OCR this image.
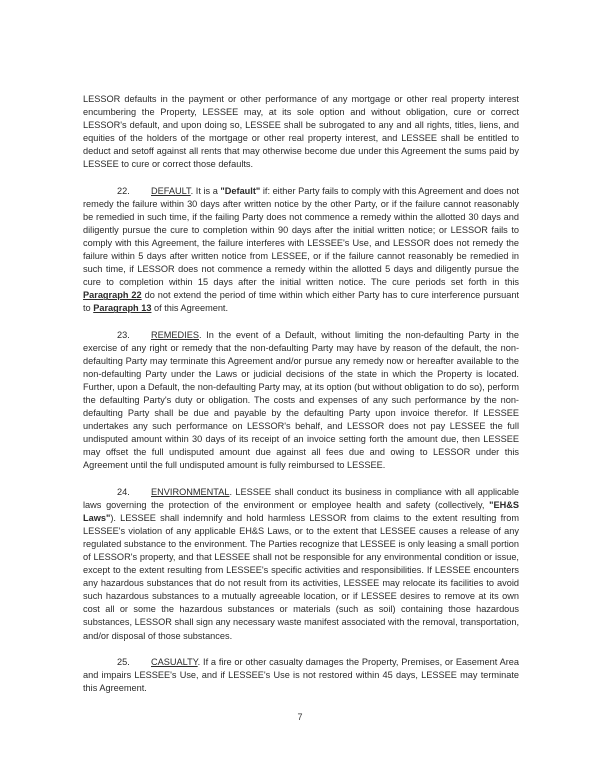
LESSOR defaults in the payment or other performance of any mortgage or other real property interest encumbering the Property, LESSEE may, at its sole option and without obligation, cure or correct LESSOR's default, and upon doing so, LESSEE shall be subrogated to any and all rights, titles, liens, and equities of the holders of the mortgage or other real property interest, and LESSEE shall be entitled to deduct and setoff against all rents that may otherwise become due under this Agreement the sums paid by LESSEE to cure or correct those defaults.

22. DEFAULT. It is a "Default" if: either Party fails to comply with this Agreement and does not remedy the failure within 30 days after written notice by the other Party, or if the failure cannot reasonably be remedied in such time, if the failing Party does not commence a remedy within the allotted 30 days and diligently pursue the cure to completion within 90 days after the initial written notice; or LESSOR fails to comply with this Agreement, the failure interferes with LESSEE's Use, and LESSOR does not remedy the failure within 5 days after written notice from LESSEE, or if the failure cannot reasonably be remedied in such time, if LESSOR does not commence a remedy within the allotted 5 days and diligently pursue the cure to completion within 15 days after the initial written notice. The cure periods set forth in this Paragraph 22 do not extend the period of time within which either Party has to cure interference pursuant to Paragraph 13 of this Agreement.

23. REMEDIES. In the event of a Default, without limiting the non-defaulting Party in the exercise of any right or remedy that the non-defaulting Party may have by reason of the default, the non-defaulting Party may terminate this Agreement and/or pursue any remedy now or hereafter available to the non-defaulting Party under the Laws or judicial decisions of the state in which the Property is located. Further, upon a Default, the non-defaulting Party may, at its option (but without obligation to do so), perform the defaulting Party's duty or obligation. The costs and expenses of any such performance by the non-defaulting Party shall be due and payable by the defaulting Party upon invoice therefor. If LESSEE undertakes any such performance on LESSOR's behalf, and LESSOR does not pay LESSEE the full undisputed amount within 30 days of its receipt of an invoice setting forth the amount due, then LESSEE may offset the full undisputed amount due against all fees due and owing to LESSOR under this Agreement until the full undisputed amount is fully reimbursed to LESSEE.

24. ENVIRONMENTAL. LESSEE shall conduct its business in compliance with all applicable laws governing the protection of the environment or employee health and safety (collectively, "EH&S Laws"). LESSEE shall indemnify and hold harmless LESSOR from claims to the extent resulting from LESSEE's violation of any applicable EH&S Laws, or to the extent that LESSEE causes a release of any regulated substance to the environment. The Parties recognize that LESSEE is only leasing a small portion of LESSOR's property, and that LESSEE shall not be responsible for any environmental condition or issue, except to the extent resulting from LESSEE's specific activities and responsibilities. If LESSEE encounters any hazardous substances that do not result from its activities, LESSEE may relocate its facilities to avoid such hazardous substances to a mutually agreeable location, or if LESSEE desires to remove at its own cost all or some the hazardous substances or materials (such as soil) containing those hazardous substances, LESSOR shall sign any necessary waste manifest associated with the removal, transportation, and/or disposal of those substances.

25. CASUALTY. If a fire or other casualty damages the Property, Premises, or Easement Area and impairs LESSEE's Use, and if LESSEE's Use is not restored within 45 days, LESSEE may terminate this Agreement.

7
